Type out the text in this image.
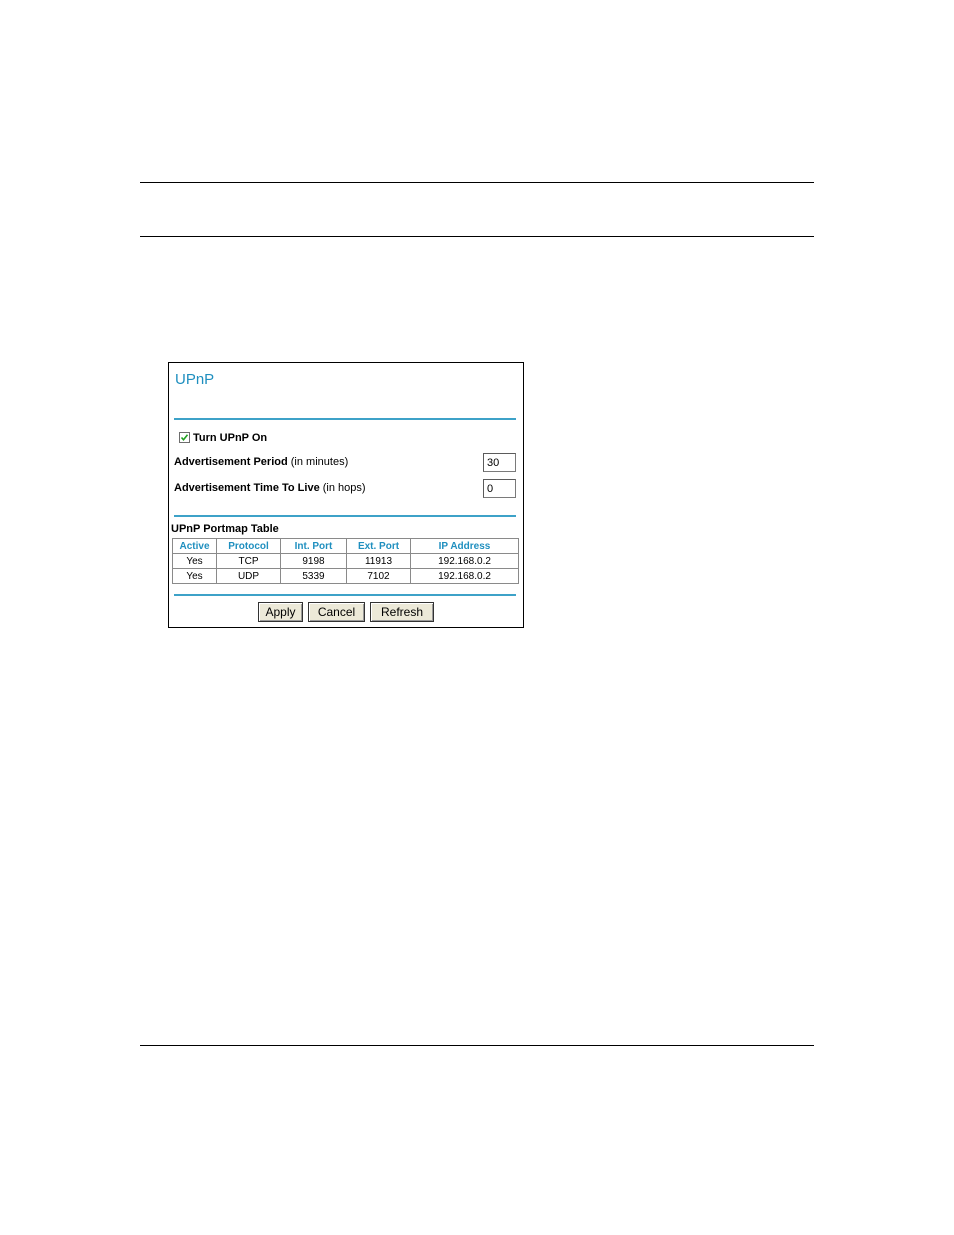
UPnP
Turn UPnP On
Advertisement Period (in minutes)
30
Advertisement Time To Live (in hops)
0
UPnP Portmap Table
Active	Protocol	Int. Port	Ext. Port	IP Address
Yes	TCP	9198	11913	192.168.0.2
Yes	UDP	5339	7102	192.168.0.2
Apply	Cancel	Refresh
